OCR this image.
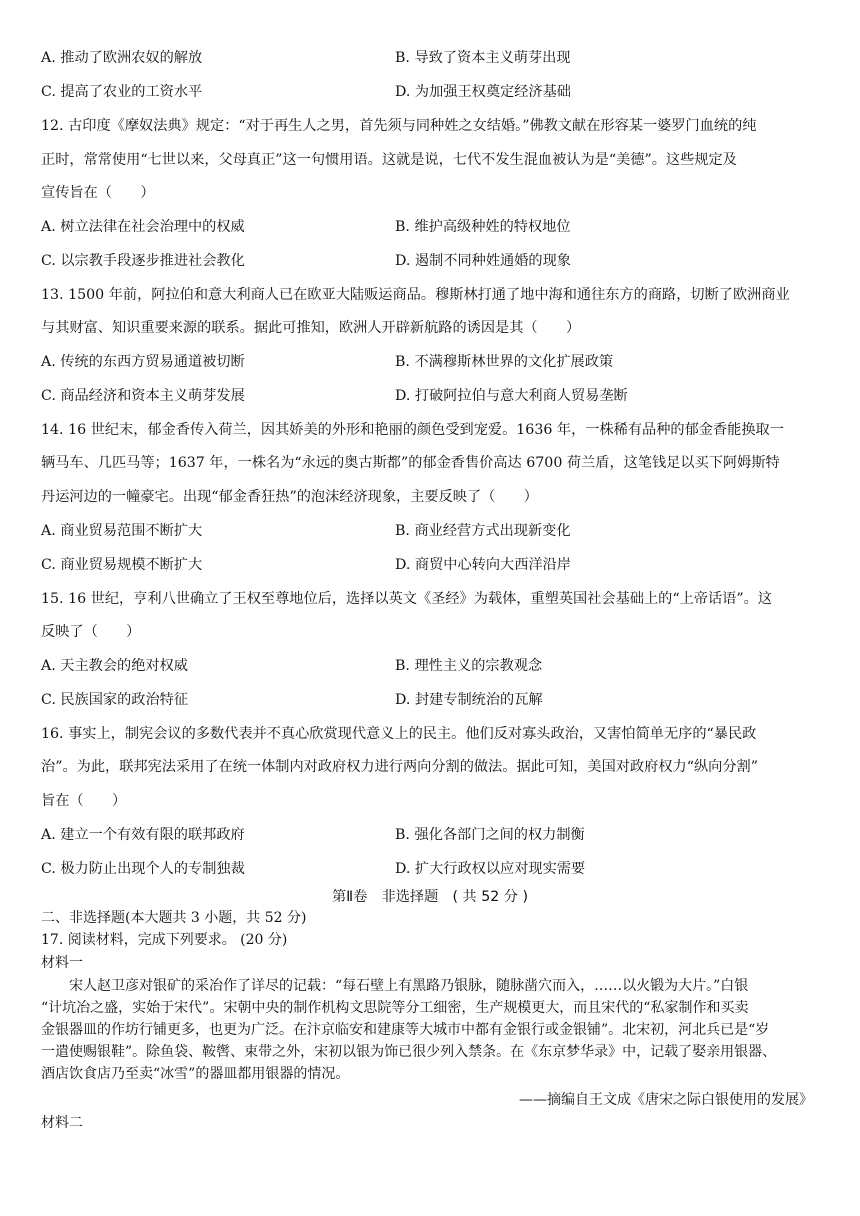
A. 推动了欧洲农奴的解放	B. 导致了资本主义萌芽出现
C. 提高了农业的工资水平	D. 为加强王权奠定经济基础
12. 古印度《摩奴法典》规定：“对于再生人之男，首先须与同种姓之女结婚。”佛教文献在形容某一婆罗门血统的纯
正时，常常使用“七世以来，父母真正”这一句惯用语。这就是说，七代不发生混血被认为是“美德”。这些规定及
宣传旨在（　　）
A. 树立法律在社会治理中的权威	B. 维护高级种姓的特权地位
C. 以宗教手段逐步推进社会教化	D. 遏制不同种姓通婚的现象
13. 1500 年前，阿拉伯和意大利商人已在欧亚大陆贩运商品。穆斯林打通了地中海和通往东方的商路，切断了欧洲商业
与其财富、知识重要来源的联系。据此可推知，欧洲人开辟新航路的诱因是其（　　）
A. 传统的东西方贸易通道被切断	B. 不满穆斯林世界的文化扩展政策
C. 商品经济和资本主义萌芽发展	D. 打破阿拉伯与意大利商人贸易垄断
14. 16 世纪末，郁金香传入荷兰，因其娇美的外形和艳丽的颜色受到宠爱。1636 年，一株稀有品种的郁金香能换取一
辆马车、几匹马等；1637 年，一株名为“永远的奥古斯都”的郁金香售价高达 6700 荷兰盾，这笔钱足以买下阿姆斯特
丹运河边的一幢豪宅。出现“郁金香狂热”的泡沫经济现象，主要反映了（　　）
A. 商业贸易范围不断扩大	B. 商业经营方式出现新变化
C. 商业贸易规模不断扩大	D. 商贸中心转向大西洋沿岸
15. 16 世纪，亨利八世确立了王权至尊地位后，选择以英文《圣经》为载体，重塑英国社会基础上的“上帝话语”。这
反映了（　　）
A. 天主教会的绝对权威	B. 理性主义的宗教观念
C. 民族国家的政治特征	D. 封建专制统治的瓦解
16. 事实上，制宪会议的多数代表并不真心欣赏现代意义上的民主。他们反对寡头政治，又害怕简单无序的“暴民政
治”。为此，联邦宪法采用了在统一体制内对政府权力进行两向分割的做法。据此可知，美国对政府权力“纵向分割”
旨在（　　）
A. 建立一个有效有限的联邦政府	B. 强化各部门之间的权力制衡
C. 极力防止出现个人的专制独裁	D. 扩大行政权以应对现实需要
第Ⅱ卷　非选择题　( 共 52 分 )
二、非选择题(本大题共 3 小题，共 52 分)
17. 阅读材料，完成下列要求。 (20 分)
材料一
　　宋人赵卫彦对银矿的采冶作了详尽的记载：“每石壁上有黑路乃银脉，随脉凿穴而入，……以火锻为大片。”白银
“计坑冶之盛，实始于宋代”。宋朝中央的制作机构文思院等分工细密，生产规模更大，而且宋代的“私家制作和买卖
金银器皿的作坊行铺更多，也更为广泛。在汴京临安和建康等大城市中都有金银行或金银铺”。北宋初，河北兵已是“岁
一遣使赐银鞋”。除鱼袋、鞍辔、束带之外，宋初以银为饰已很少列入禁条。在《东京梦华录》中，记载了娶亲用银器、
酒店饮食店乃至卖“冰雪”的器皿都用银器的情况。
——摘编自王文成《唐宋之际白银使用的发展》
材料二
